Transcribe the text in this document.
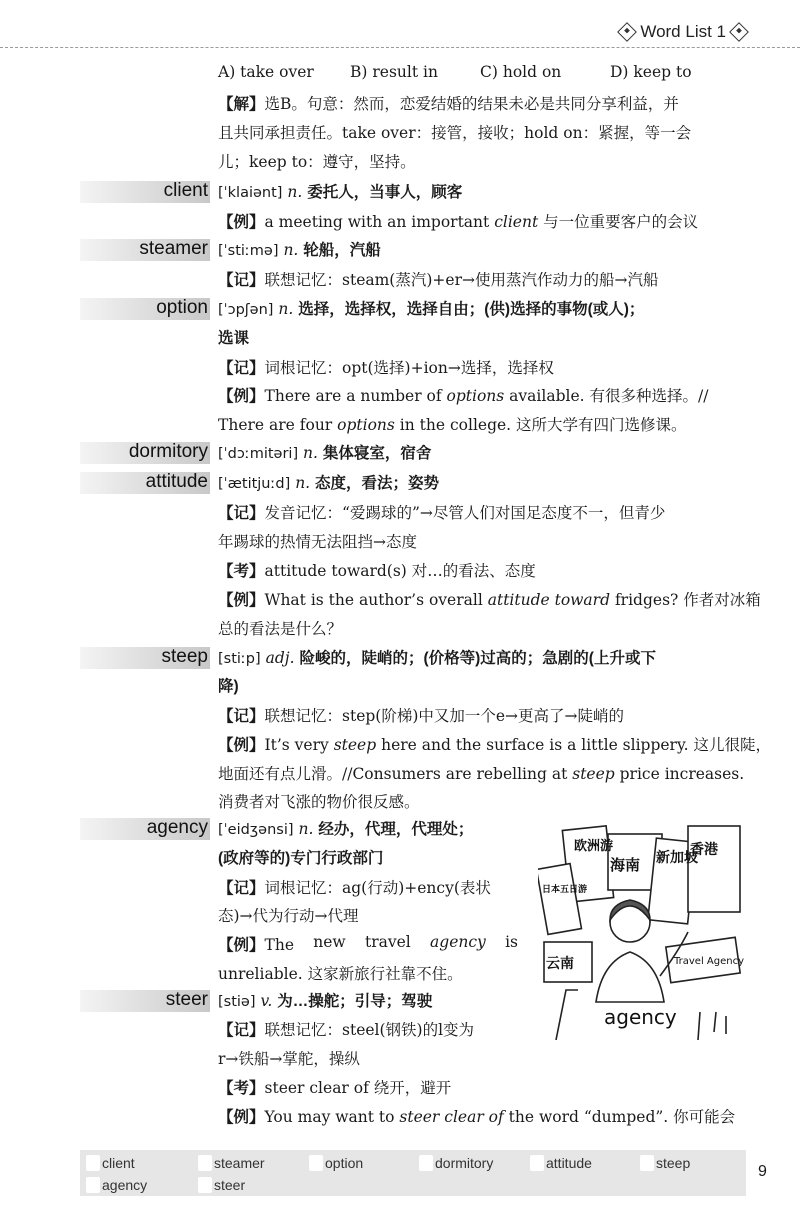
Word List 1
A) take over	B) result in	C) hold on	D) keep to
【解】选B。句意：然而，恋爱结婚的结果未必是共同分享利益，并
且共同承担责任。take over：接管，接收；hold on：紧握，等一会
儿；keep to：遵守，坚持。
client [ˈklaiənt] n. 委托人，当事人，顾客
【例】a meeting with an important client 与一位重要客户的会议
steamer [ˈstiːmə] n. 轮船，汽船
【记】联想记忆：steam(蒸汽)+er→使用蒸汽作动力的船→汽船
option [ˈɔpʃən] n. 选择，选择权，选择自由；(供)选择的事物(或人)；
选课
【记】词根记忆：opt(选择)+ion→选择，选择权
【例】There are a number of options available. 有很多种选择。//
There are four options in the college. 这所大学有四门选修课。
dormitory [ˈdɔːmitəri] n. 集体寝室，宿舍
attitude [ˈætitjuːd] n. 态度，看法；姿势
【记】发音记忆：“爱踢球的”→尽管人们对国足态度不一，但青少
年踢球的热情无法阻挡→态度
【考】attitude toward(s) 对…的看法、态度
【例】What is the author’s overall attitude toward fridges? 作者对冰箱
总的看法是什么？
steep [stiːp] adj. 险峻的，陡峭的；(价格等)过高的；急剧的(上升或下
降)
【记】联想记忆：step(阶梯)中又加一个e→更高了→陡峭的
【例】It’s very steep here and the surface is a little slippery. 这儿很陡，
地面还有点儿滑。//Consumers are rebelling at steep price increases.
消费者对飞涨的物价很反感。
agency [ˈeidʒənsi] n. 经办，代理，代理处；
(政府等的)专门行政部门
【记】词根记忆：ag(行动)+ency(表状
态)→代为行动→代理
【例】The new travel agency is
unreliable. 这家新旅行社靠不住。
steer [stiə] v. 为…操舵；引导；驾驶
【记】联想记忆：steel(钢铁)的l变为
r→铁船→掌舵，操纵
【考】steer clear of 绕开，避开
【例】You may want to steer clear of the word “dumped”. 你可能会
欧洲游
海南 新加坡
香港
日本五日游
云南	Travel Agency
agency
client	steamer	option	dormitory	attitude	steep
agency	steer
9
